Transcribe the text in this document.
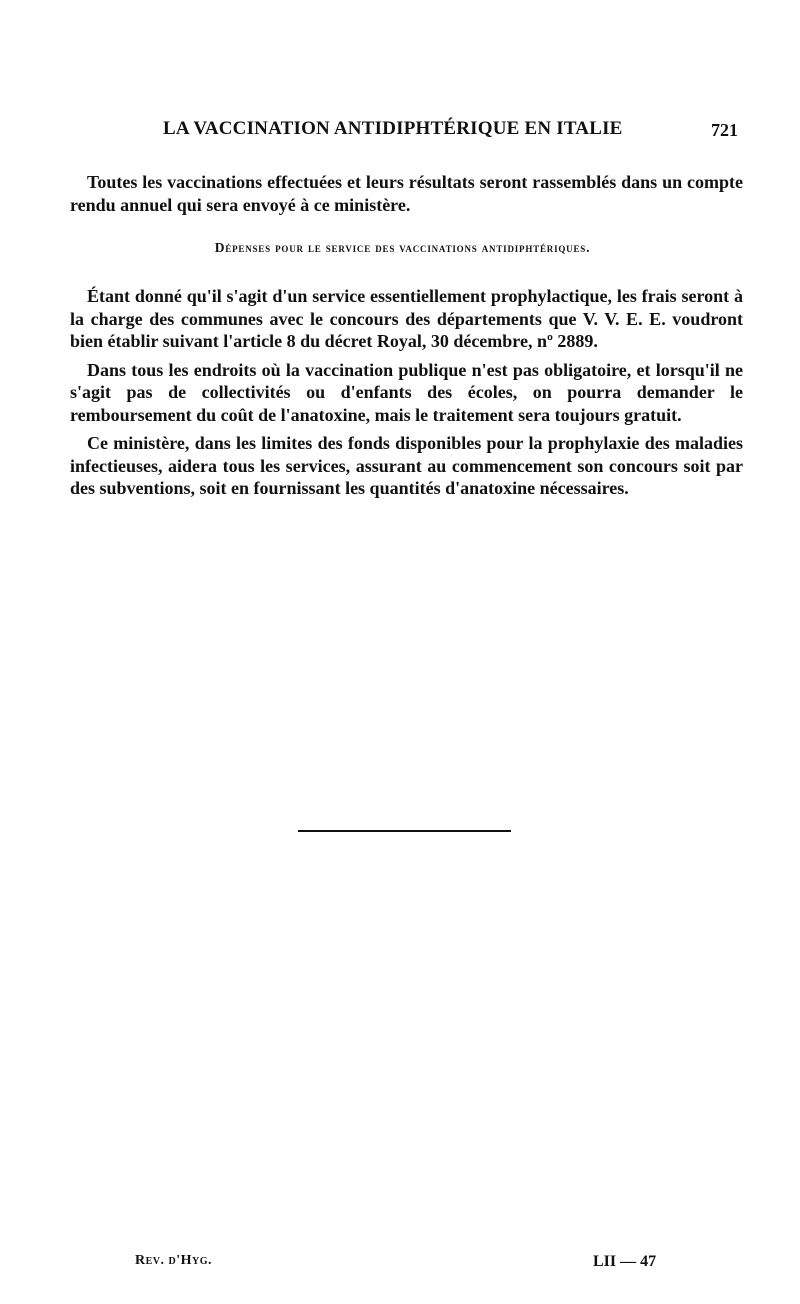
LA VACCINATION ANTIDIPHTÉRIQUE EN ITALIE	721

Toutes les vaccinations effectuées et leurs résultats seront rassemblés dans un compte rendu annuel qui sera envoyé à ce ministère.

Dépenses pour le service des vaccinations antidiphtériques.

Étant donné qu'il s'agit d'un service essentiellement prophylactique, les frais seront à la charge des communes avec le concours des départements que V. V. E. E. voudront bien établir suivant l'article 8 du décret Royal, 30 décembre, nº 2889.

Dans tous les endroits où la vaccination publique n'est pas obligatoire, et lorsqu'il ne s'agit pas de collectivités ou d'enfants des écoles, on pourra demander le remboursement du coût de l'anatoxine, mais le traitement sera toujours gratuit.

Ce ministère, dans les limites des fonds disponibles pour la prophylaxie des maladies infectieuses, aidera tous les services, assurant au commencement son concours soit par des subventions, soit en fournissant les quantités d'anatoxine nécessaires.

Rev. d'Hyg.	LII — 47
